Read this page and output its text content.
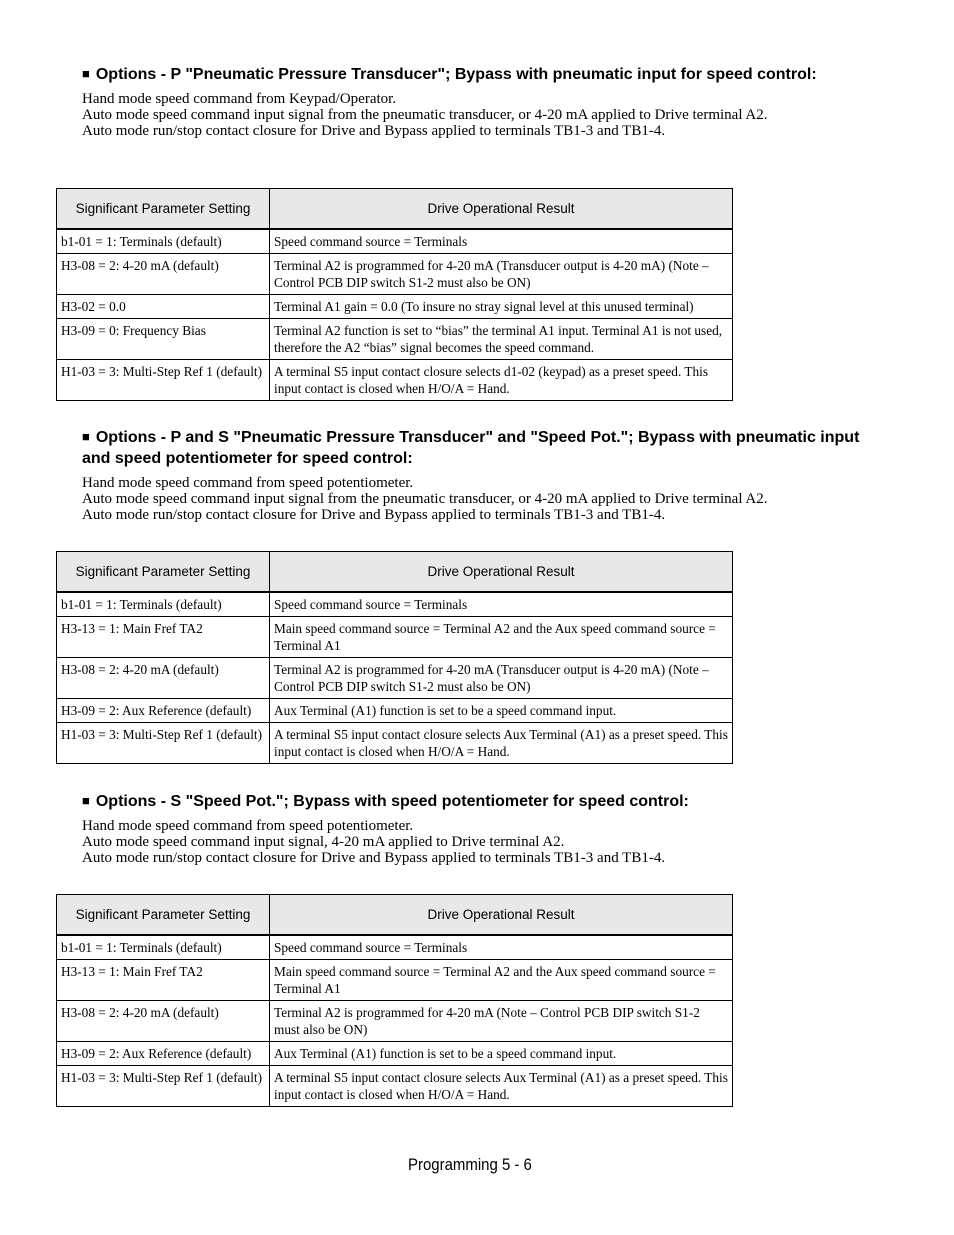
■ Options - P "Pneumatic Pressure Transducer"; Bypass with pneumatic input for speed control:
Hand mode speed command from Keypad/Operator.
Auto mode speed command input signal from the pneumatic transducer, or 4-20 mA applied to Drive terminal A2.
Auto mode run/stop contact closure for Drive and Bypass applied to terminals TB1-3 and TB1-4.
Significant Parameter Setting	Drive Operational Result
b1-01 = 1: Terminals (default)	Speed command source = Terminals
H3-08 = 2: 4-20 mA (default)	Terminal A2 is programmed for 4-20 mA (Transducer output is 4-20 mA) (Note – Control PCB DIP switch S1-2 must also be ON)
H3-02 = 0.0	Terminal A1 gain = 0.0 (To insure no stray signal level at this unused terminal)
H3-09 = 0: Frequency Bias	Terminal A2 function is set to “bias” the terminal A1 input. Terminal A1 is not used, therefore the A2 “bias” signal becomes the speed command.
H1-03 = 3: Multi-Step Ref 1 (default)	A terminal S5 input contact closure selects d1-02 (keypad) as a preset speed. This input contact is closed when H/O/A = Hand.
■ Options - P and S "Pneumatic Pressure Transducer" and "Speed Pot."; Bypass with pneumatic input and speed potentiometer for speed control:
Hand mode speed command from speed potentiometer.
Auto mode speed command input signal from the pneumatic transducer, or 4-20 mA applied to Drive terminal A2.
Auto mode run/stop contact closure for Drive and Bypass applied to terminals TB1-3 and TB1-4.
Significant Parameter Setting	Drive Operational Result
b1-01 = 1: Terminals (default)	Speed command source = Terminals
H3-13 = 1: Main Fref TA2	Main speed command source = Terminal A2 and the Aux speed command source = Terminal A1
H3-08 = 2: 4-20 mA (default)	Terminal A2 is programmed for 4-20 mA (Transducer output is 4-20 mA) (Note – Control PCB DIP switch S1-2 must also be ON)
H3-09 = 2: Aux Reference (default)	Aux Terminal (A1) function is set to be a speed command input.
H1-03 = 3: Multi-Step Ref 1 (default)	A terminal S5 input contact closure selects Aux Terminal (A1) as a preset speed. This input contact is closed when H/O/A = Hand.
■ Options - S "Speed Pot."; Bypass with speed potentiometer for speed control:
Hand mode speed command from speed potentiometer.
Auto mode speed command input signal, 4-20 mA applied to Drive terminal A2.
Auto mode run/stop contact closure for Drive and Bypass applied to terminals TB1-3 and TB1-4.
Significant Parameter Setting	Drive Operational Result
b1-01 = 1: Terminals (default)	Speed command source = Terminals
H3-13 = 1: Main Fref TA2	Main speed command source = Terminal A2 and the Aux speed command source = Terminal A1
H3-08 = 2: 4-20 mA (default)	Terminal A2 is programmed for 4-20 mA (Note – Control PCB DIP switch S1-2 must also be ON)
H3-09 = 2: Aux Reference (default)	Aux Terminal (A1) function is set to be a speed command input.
H1-03 = 3: Multi-Step Ref 1 (default)	A terminal S5 input contact closure selects Aux Terminal (A1) as a preset speed. This input contact is closed when H/O/A = Hand.
Programming 5 - 6
